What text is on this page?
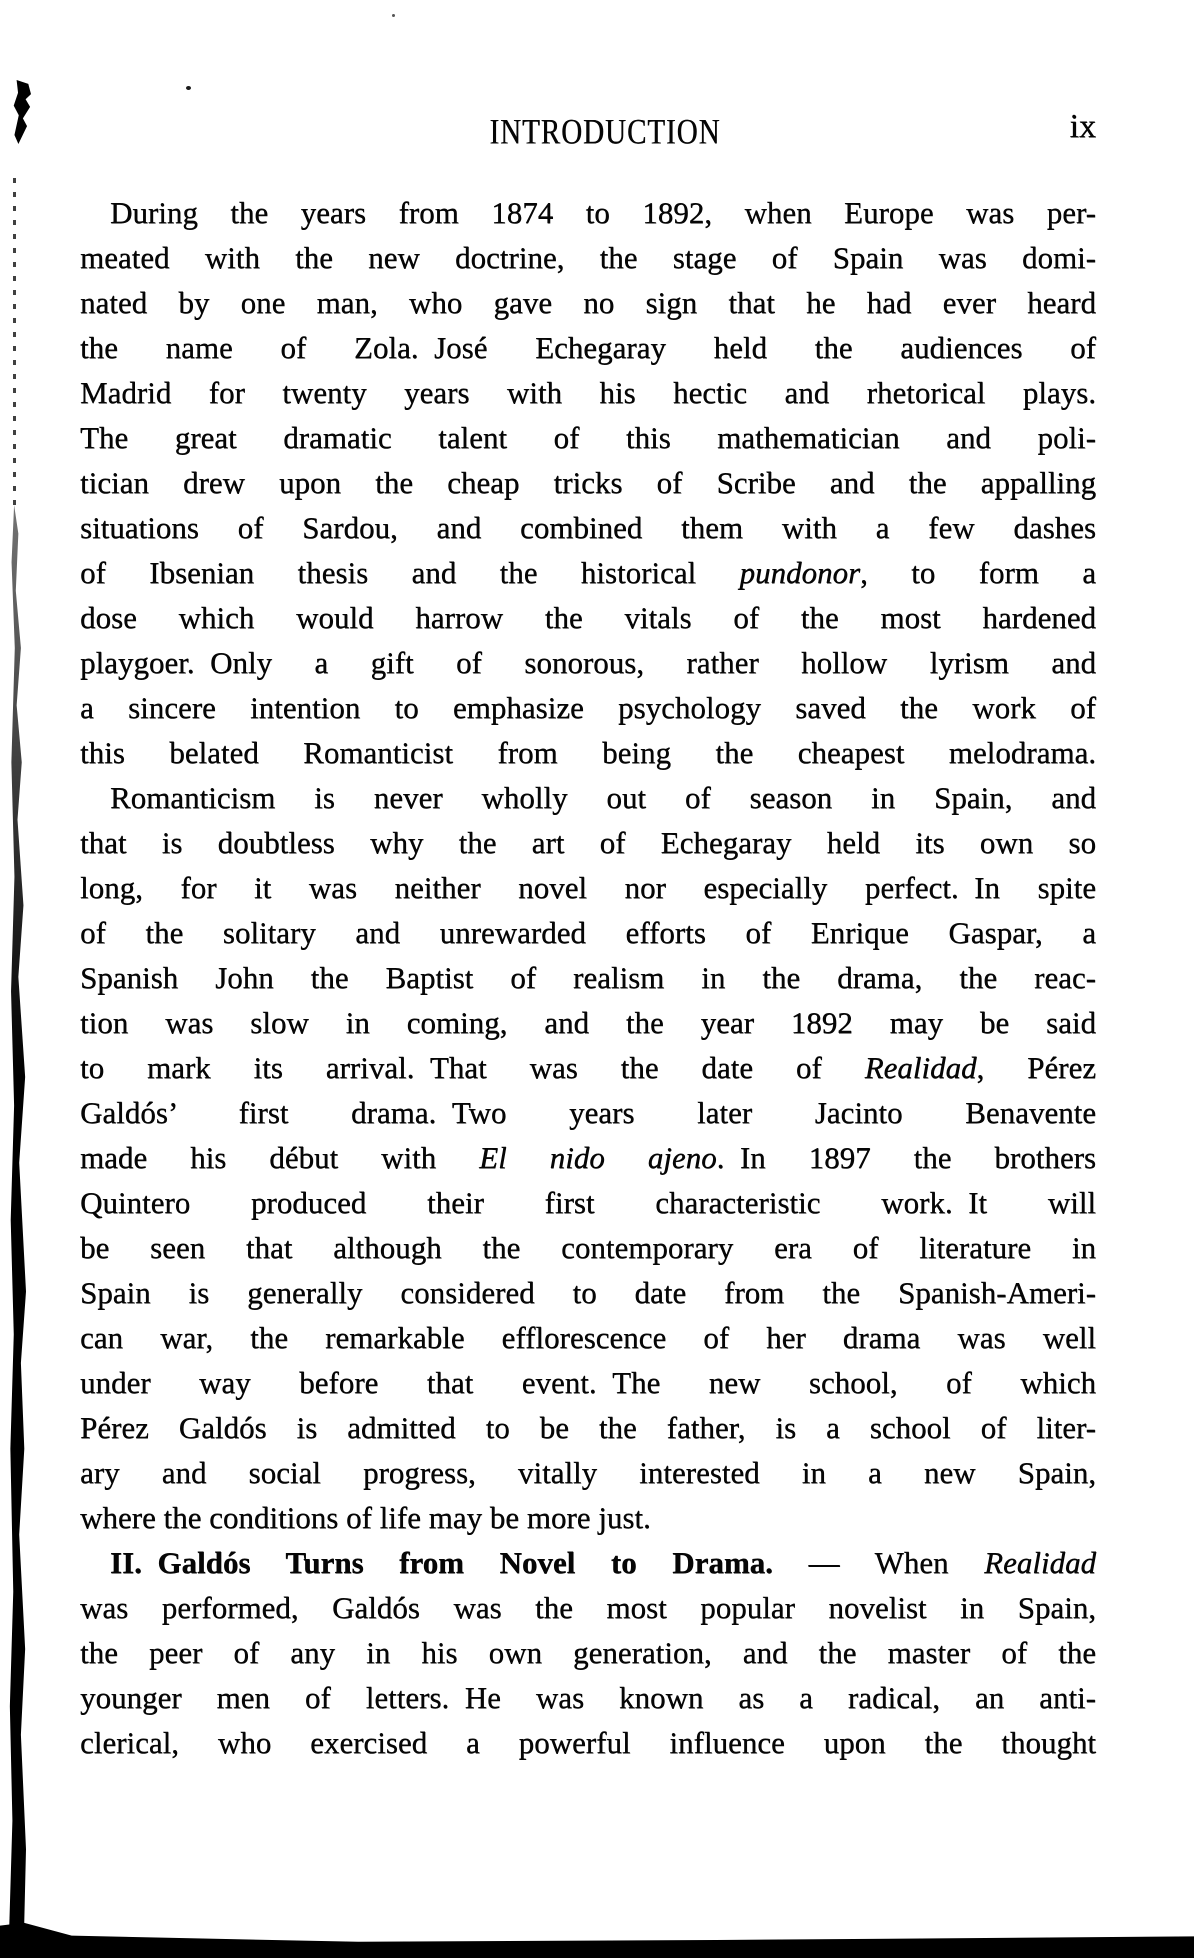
INTRODUCTION	ix
During the years from 1874 to 1892, when Europe was per-
meated with the new doctrine, the stage of Spain was domi-
nated by one man, who gave no sign that he had ever heard
the name of Zola. José Echegaray held the audiences of
Madrid for twenty years with his hectic and rhetorical plays.
The great dramatic talent of this mathematician and poli-
tician drew upon the cheap tricks of Scribe and the appalling
situations of Sardou, and combined them with a few dashes
of Ibsenian thesis and the historical pundonor, to form a
dose which would harrow the vitals of the most hardened
playgoer. Only a gift of sonorous, rather hollow lyrism and
a sincere intention to emphasize psychology saved the work of
this belated Romanticist from being the cheapest melodrama.
Romanticism is never wholly out of season in Spain, and
that is doubtless why the art of Echegaray held its own so
long, for it was neither novel nor especially perfect. In spite
of the solitary and unrewarded efforts of Enrique Gaspar, a
Spanish John the Baptist of realism in the drama, the reac-
tion was slow in coming, and the year 1892 may be said
to mark its arrival. That was the date of Realidad, Pérez
Galdós’ first drama. Two years later Jacinto Benavente
made his début with El nido ajeno. In 1897 the brothers
Quintero produced their first characteristic work. It will
be seen that although the contemporary era of literature in
Spain is generally considered to date from the Spanish-Ameri-
can war, the remarkable efflorescence of her drama was well
under way before that event. The new school, of which
Pérez Galdós is admitted to be the father, is a school of liter-
ary and social progress, vitally interested in a new Spain,
where the conditions of life may be more just.
II. Galdós Turns from Novel to Drama. — When Realidad
was performed, Galdós was the most popular novelist in Spain,
the peer of any in his own generation, and the master of the
younger men of letters. He was known as a radical, an anti-
clerical, who exercised a powerful influence upon the thought
